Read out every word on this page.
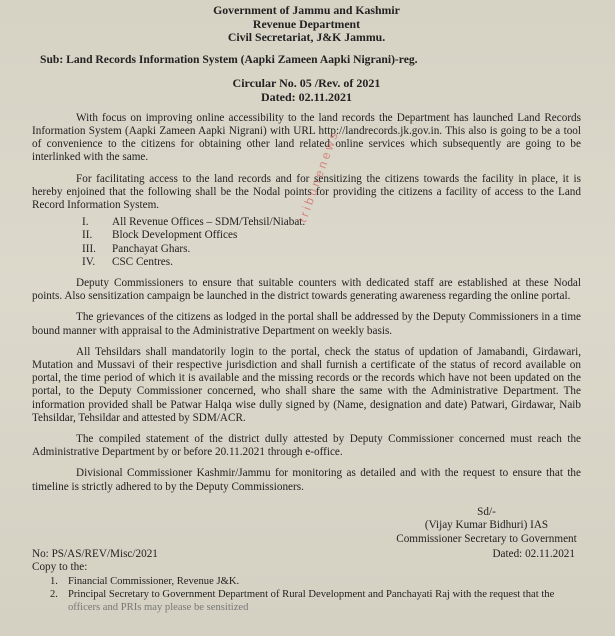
Government of Jammu and Kashmir
Revenue Department
Civil Secretariat, J&K Jammu.
Sub: Land Records Information System (Aapki Zameen Aapki Nigrani)-reg.
Circular No. 05 /Rev. of 2021
Dated: 02.11.2021

With focus on improving online accessibility to the land records the Department has launched Land Records Information System (Aapki Zameen Aapki Nigrani) with URL http://landrecords.jk.gov.in. This also is going to be a tool of convenience to the citizens for obtaining other land related online services which subsequently are going to be interlinked with the same.

For facilitating access to the land records and for sensitizing the citizens towards the facility in place, it is hereby enjoined that the following shall be the Nodal points for providing the citizens a facility of access to the Land Record Information System.

I.	All Revenue Offices – SDM/Tehsil/Niabat.
II.	Block Development Offices
III.	Panchayat Ghars.
IV.	CSC Centres.

Deputy Commissioners to ensure that suitable counters with dedicated staff are established at these Nodal points. Also sensitization campaign be launched in the district towards generating awareness regarding the online portal.

The grievances of the citizens as lodged in the portal shall be addressed by the Deputy Commissioners in a time bound manner with appraisal to the Administrative Department on weekly basis.

All Tehsildars shall mandatorily login to the portal, check the status of updation of Jamabandi, Girdawari, Mutation and Mussavi of their respective jurisdiction and shall furnish a certificate of the status of record available on portal, the time period of which it is available and the missing records or the records which have not been updated on the portal, to the Deputy Commissioner concerned, who shall share the same with the Administrative Department. The information provided shall be Patwar Halqa wise dully signed by (Name, designation and date) Patwari, Girdawar, Naib Tehsildar, Tehsildar and attested by SDM/ACR.

The compiled statement of the district dully attested by Deputy Commissioner concerned must reach the Administrative Department by or before 20.11.2021 through e-office.

Divisional Commissioner Kashmir/Jammu for monitoring as detailed and with the request to ensure that the timeline is strictly adhered to by the Deputy Commissioners.

Sd/-
(Vijay Kumar Bidhuri) IAS
Commissioner Secretary to Government
No: PS/AS/REV/Misc/2021	Dated: 02.11.2021
Copy to the:
1. Financial Commissioner, Revenue J&K.
2. Principal Secretary to Government Department of Rural Development and Panchayati Raj with the request that the
officers and PRIs may please be sensitized
tribunenews
